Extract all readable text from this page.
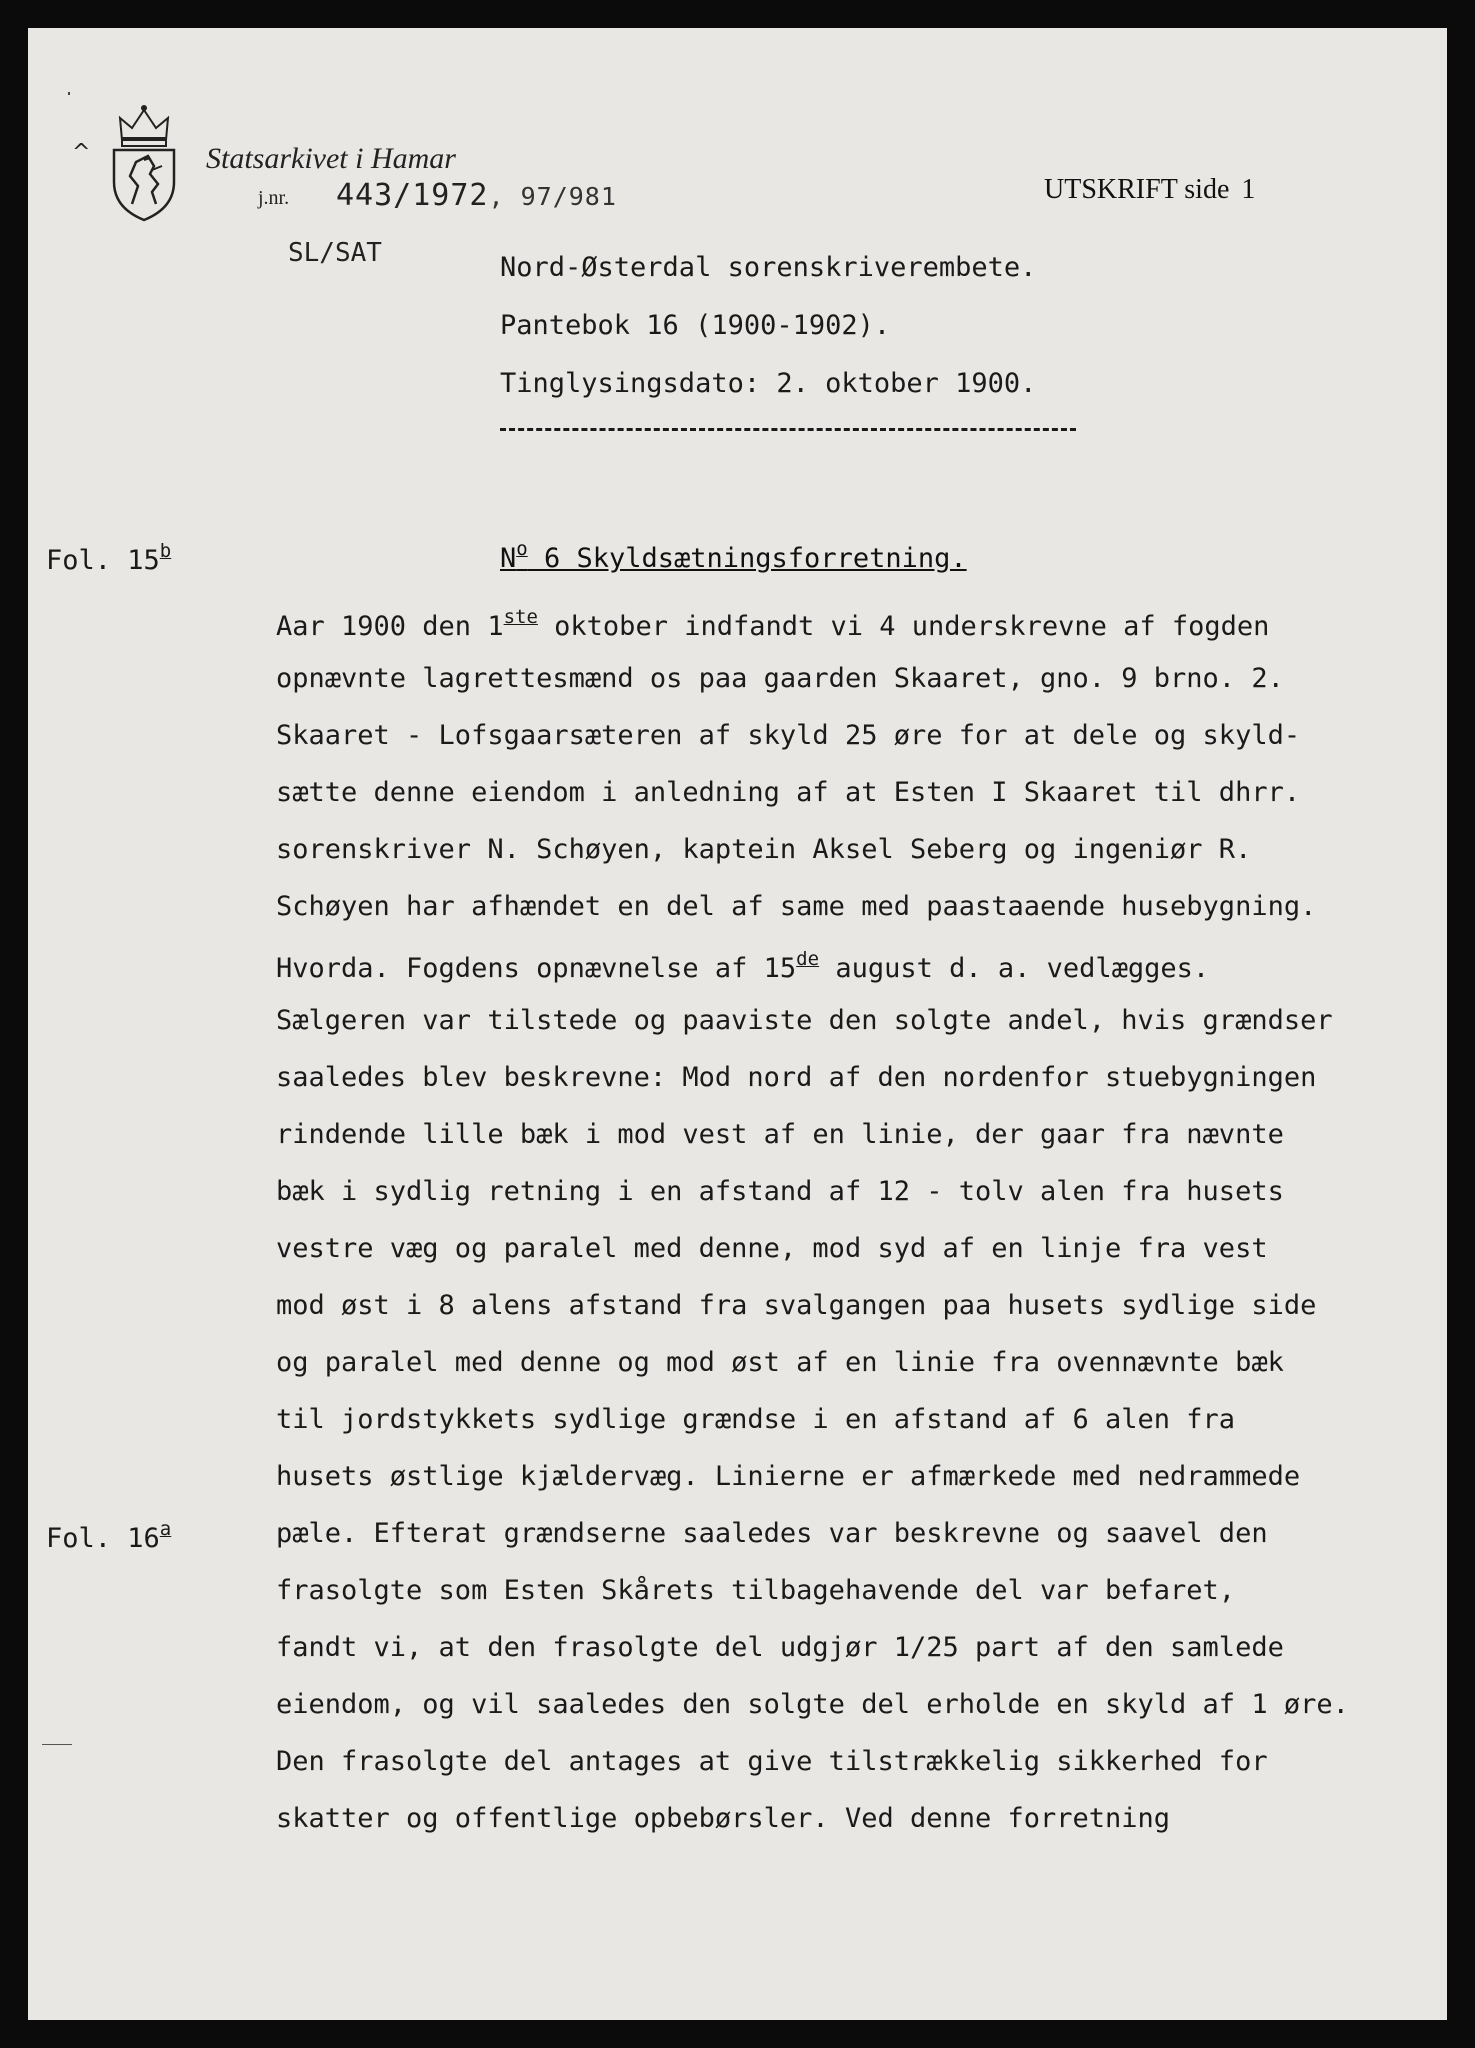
^	Statsarkivet i Hamar
j.nr. 443/1972, 97/981	UTSKRIFT side 1
SL/SAT	Nord-Østerdal sorenskriverembete.
Pantebok 16 (1900-1902).
Tinglysingsdato: 2. oktober 1900.
Fol. 15$^b$	$N^o$ 6 Skyldsætningsforretning.
Aar 1900 den 1ste oktober indfandt vi 4 underskrevne af fogden
opnævnte lagrettesmænd os paa gaarden Skaaret, gno. 9 brno. 2.
Skaaret - Lofsgaarsæteren af skyld 25 øre for at dele og skyld-
sætte denne eiendom i anledning af at Esten I Skaaret til dhrr.
sorenskriver N. Schøyen, kaptein Aksel Seberg og ingeniør R.
Schøyen har afhændet en del af same med paastaaende husebygning.
Hvorda. Fogdens opnævnelse af 15de august d. a. vedlægges.
Sælgeren var tilstede og paaviste den solgte andel, hvis grændser
saaledes blev beskrevne: Mod nord af den nordenfor stuebygningen
rindende lille bæk i mod vest af en linie, der gaar fra nævnte
bæk i sydlig retning i en afstand af 12 - tolv alen fra husets
vestre væg og paralel med denne, mod syd af en linje fra vest
mod øst i 8 alens afstand fra svalgangen paa husets sydlige side
og paralel med denne og mod øst af en linie fra ovennævnte bæk
til jordstykkets sydlige grændse i en afstand af 6 alen fra
husets østlige kjældervæg. Linierne er afmærkede med nedrammede
Fol. 16$^a$	pæle. Efterat grændserne saaledes var beskrevne og saavel den
frasolgte som Esten Skårets tilbagehavende del var befaret,
fandt vi, at den frasolgte del udgjør 1/25 part af den samlede
eiendom, og vil saaledes den solgte del erholde en skyld af 1 øre.
Den frasolgte del antages at give tilstrækkelig sikkerhed for
skatter og offentlige opbebørsler. Ved denne forretning
